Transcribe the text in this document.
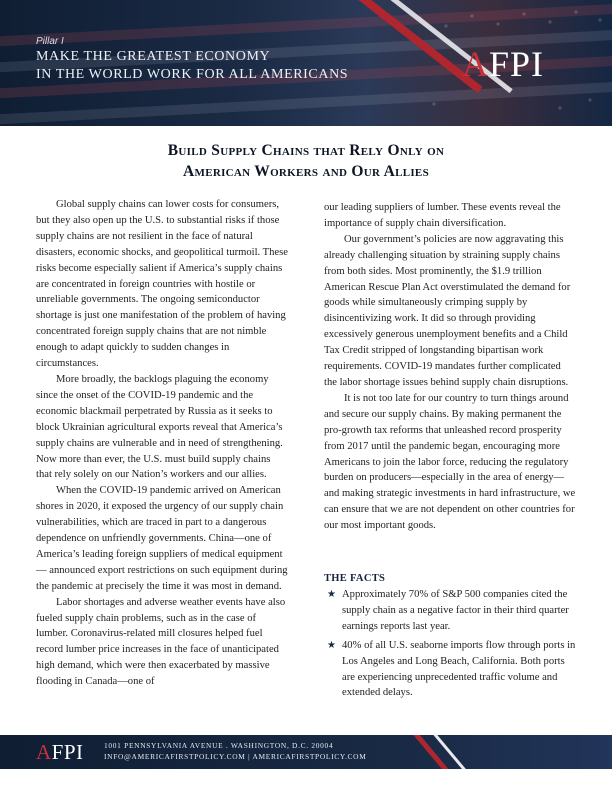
Pillar I
MAKE THE GREATEST ECONOMY
IN THE WORLD WORK FOR ALL AMERICANS	AFPI
Build Supply Chains that Rely Only on
American Workers and Our Allies

Global supply chains can lower costs for consumers, but they also open up the U.S. to substantial risks if those supply chains are not resilient in the face of natural disasters, economic shocks, and geopolitical turmoil. These risks become especially salient if America’s supply chains are concentrated in foreign countries with hostile or unreliable governments. The ongoing semiconductor shortage is just one manifestation of the problem of having concentrated foreign supply chains that are not nimble enough to adapt quickly to sudden changes in circumstances.

More broadly, the backlogs plaguing the economy since the onset of the COVID-19 pandemic and the economic blackmail perpetrated by Russia as it seeks to block Ukrainian agricultural exports reveal that America’s supply chains are vulnerable and in need of strengthening. Now more than ever, the U.S. must build supply chains that rely solely on our Nation’s workers and our allies.

When the COVID-19 pandemic arrived on American shores in 2020, it exposed the urgency of our supply chain vulnerabilities, which are traced in part to a dangerous dependence on unfriendly governments. China—one of America’s leading foreign suppliers of medical equipment— announced export restrictions on such equipment during the pandemic at precisely the time it was most in demand.

Labor shortages and adverse weather events have also fueled supply chain problems, such as in the case of lumber. Coronavirus-related mill closures helped fuel record lumber price increases in the face of unanticipated high demand, which were then exacerbated by massive flooding in Canada—one of

our leading suppliers of lumber. These events reveal the importance of supply chain diversification.

Our government’s policies are now aggravating this already challenging situation by straining supply chains from both sides. Most prominently, the $1.9 trillion American Rescue Plan Act overstimulated the demand for goods while simultaneously crimping supply by disincentivizing work. It did so through providing excessively generous unemployment benefits and a Child Tax Credit stripped of longstanding bipartisan work requirements. COVID-19 mandates further complicated the labor shortage issues behind supply chain disruptions.

It is not too late for our country to turn things around and secure our supply chains. By making permanent the pro-growth tax reforms that unleashed record prosperity from 2017 until the pandemic began, encouraging more Americans to join the labor force, reducing the regulatory burden on producers—especially in the area of energy—and making strategic investments in hard infrastructure, we can ensure that we are not dependent on other countries for our most important goods.

THE FACTS
★ Approximately 70% of S&P 500 companies cited the supply chain as a negative factor in their third quarter earnings reports last year.
★ 40% of all U.S. seaborne imports flow through ports in Los Angeles and Long Beach, California. Both ports are experiencing unprecedented traffic volume and extended delays.
AFPI	1001 PENNSYLVANIA AVENUE . WASHINGTON, D.C. 20004
INFO@AMERICAFIRSTPOLICY.COM | AMERICAFIRSTPOLICY.COM
